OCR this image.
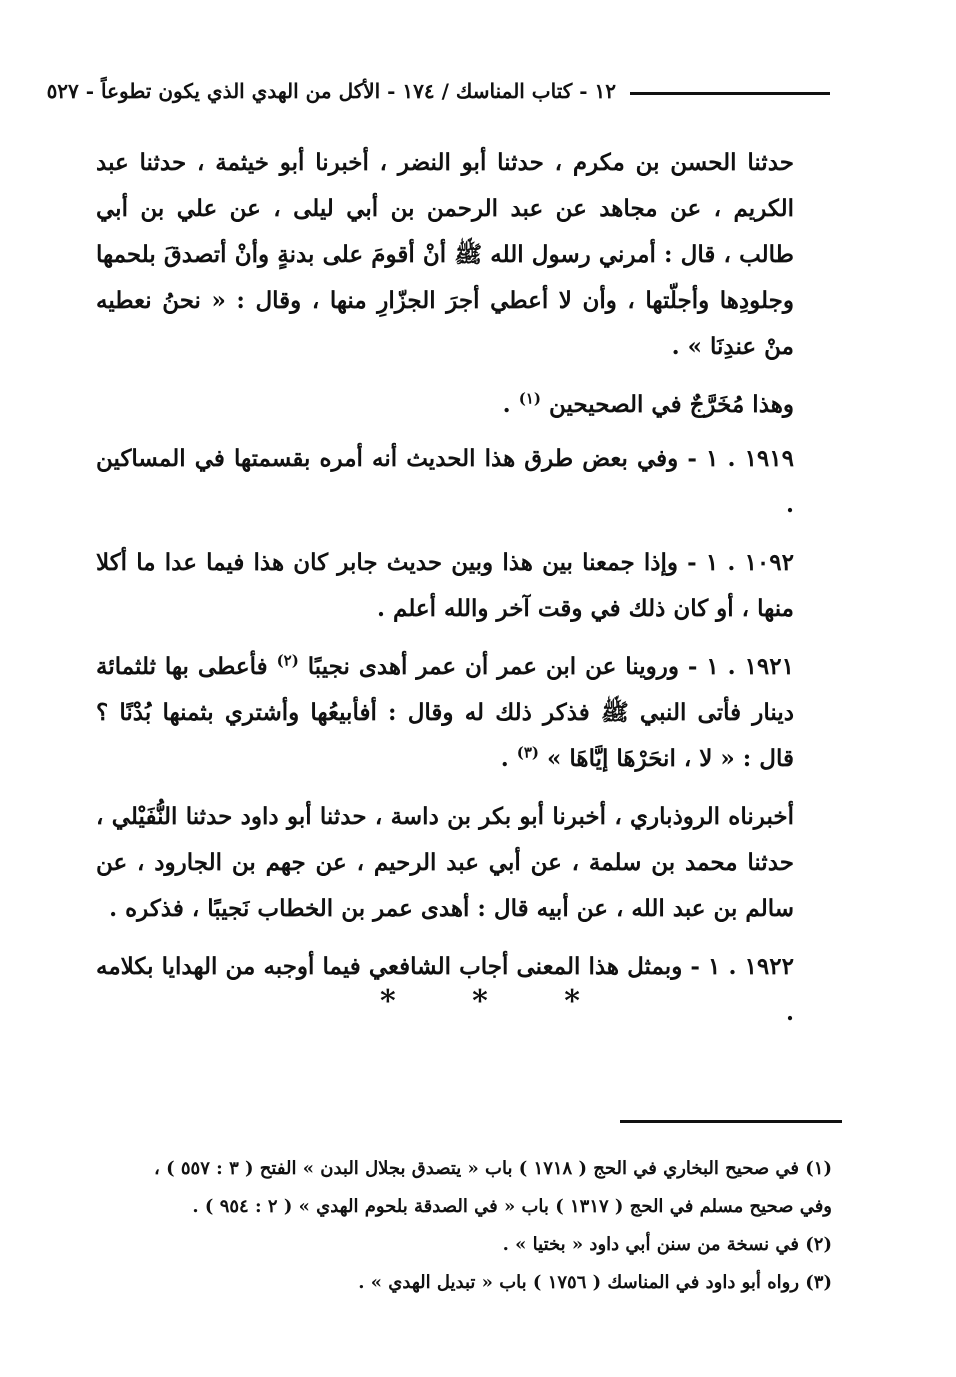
١٢ - كتاب المناسك / ١٧٤ - الأكل من الهدي الذي يكون تطوعاً - ٥٢٧

حدثنا الحسن بن مكرم ، حدثنا أبو النضر ، أخبرنا أبو خيثمة ، حدثنا عبد الكريم ، عن مجاهد عن عبد الرحمن بن أبي ليلى ، عن علي بن أبي طالب ، قال : أمرني رسول الله ﷺ أنْ أقومَ على بدنةٍ وأنْ أتصدقَ بلحمها وجلودِها وأجلّتها ، وأن لا أعطي أجرَ الجزّارِ منها ، وقال : « نحنُ نعطيه منْ عندِنَا » .

وهذا مُخَرَّجٌ في الصحيحين $^{(١)}$ .

١٩١٩ . ١ - وفي بعض طرق هذا الحديث أنه أمره بقسمتها في المساكين .

١٠٩٢ . ١ - وإذا جمعنا بين هذا وبين حديث جابر كان هذا فيما عدا ما أكلا منها ، أو كان ذلك في وقت آخر والله أعلم .

١٩٢١ . ١ - وروينا عن ابن عمر أن عمر أهدى نجيبًا $^{(٢)}$ فأعطى بها ثلثمائة دينار فأتى النبي ﷺ فذكر ذلك له وقال : أفأبيعُها وأشتري بثمنها بُدْنًا ؟ قال : « لا ، انحَرْهَا إيَّاهَا » $^{(٣)}$ .

أخبرناه الروذباري ، أخبرنا أبو بكر بن داسة ، حدثنا أبو داود حدثنا النُّفَيْلي ، حدثنا محمد بن سلمة ، عن أبي عبد الرحيم ، عن جهم بن الجارود ، عن سالم بن عبد الله ، عن أبيه قال : أهدى عمر بن الخطاب نَجيبًا ، فذكره .

١٩٢٢ . ١ - وبمثل هذا المعنى أجاب الشافعي فيما أوجبه من الهدايا بكلامه .

*	*	*

(١) في صحيح البخاري في الحج ( ١٧١٨ ) باب « يتصدق بجلال البدن » الفتح ( ٣ : ٥٥٧ ) ،

وفي صحيح مسلم في الحج ( ١٣١٧ ) باب « في الصدقة بلحوم الهدي » ( ٢ : ٩٥٤ ) .

(٢) في نسخة من سنن أبي داود « بختيا » .

(٣) رواه أبو داود في المناسك ( ١٧٥٦ ) باب « تبديل الهدي » .
